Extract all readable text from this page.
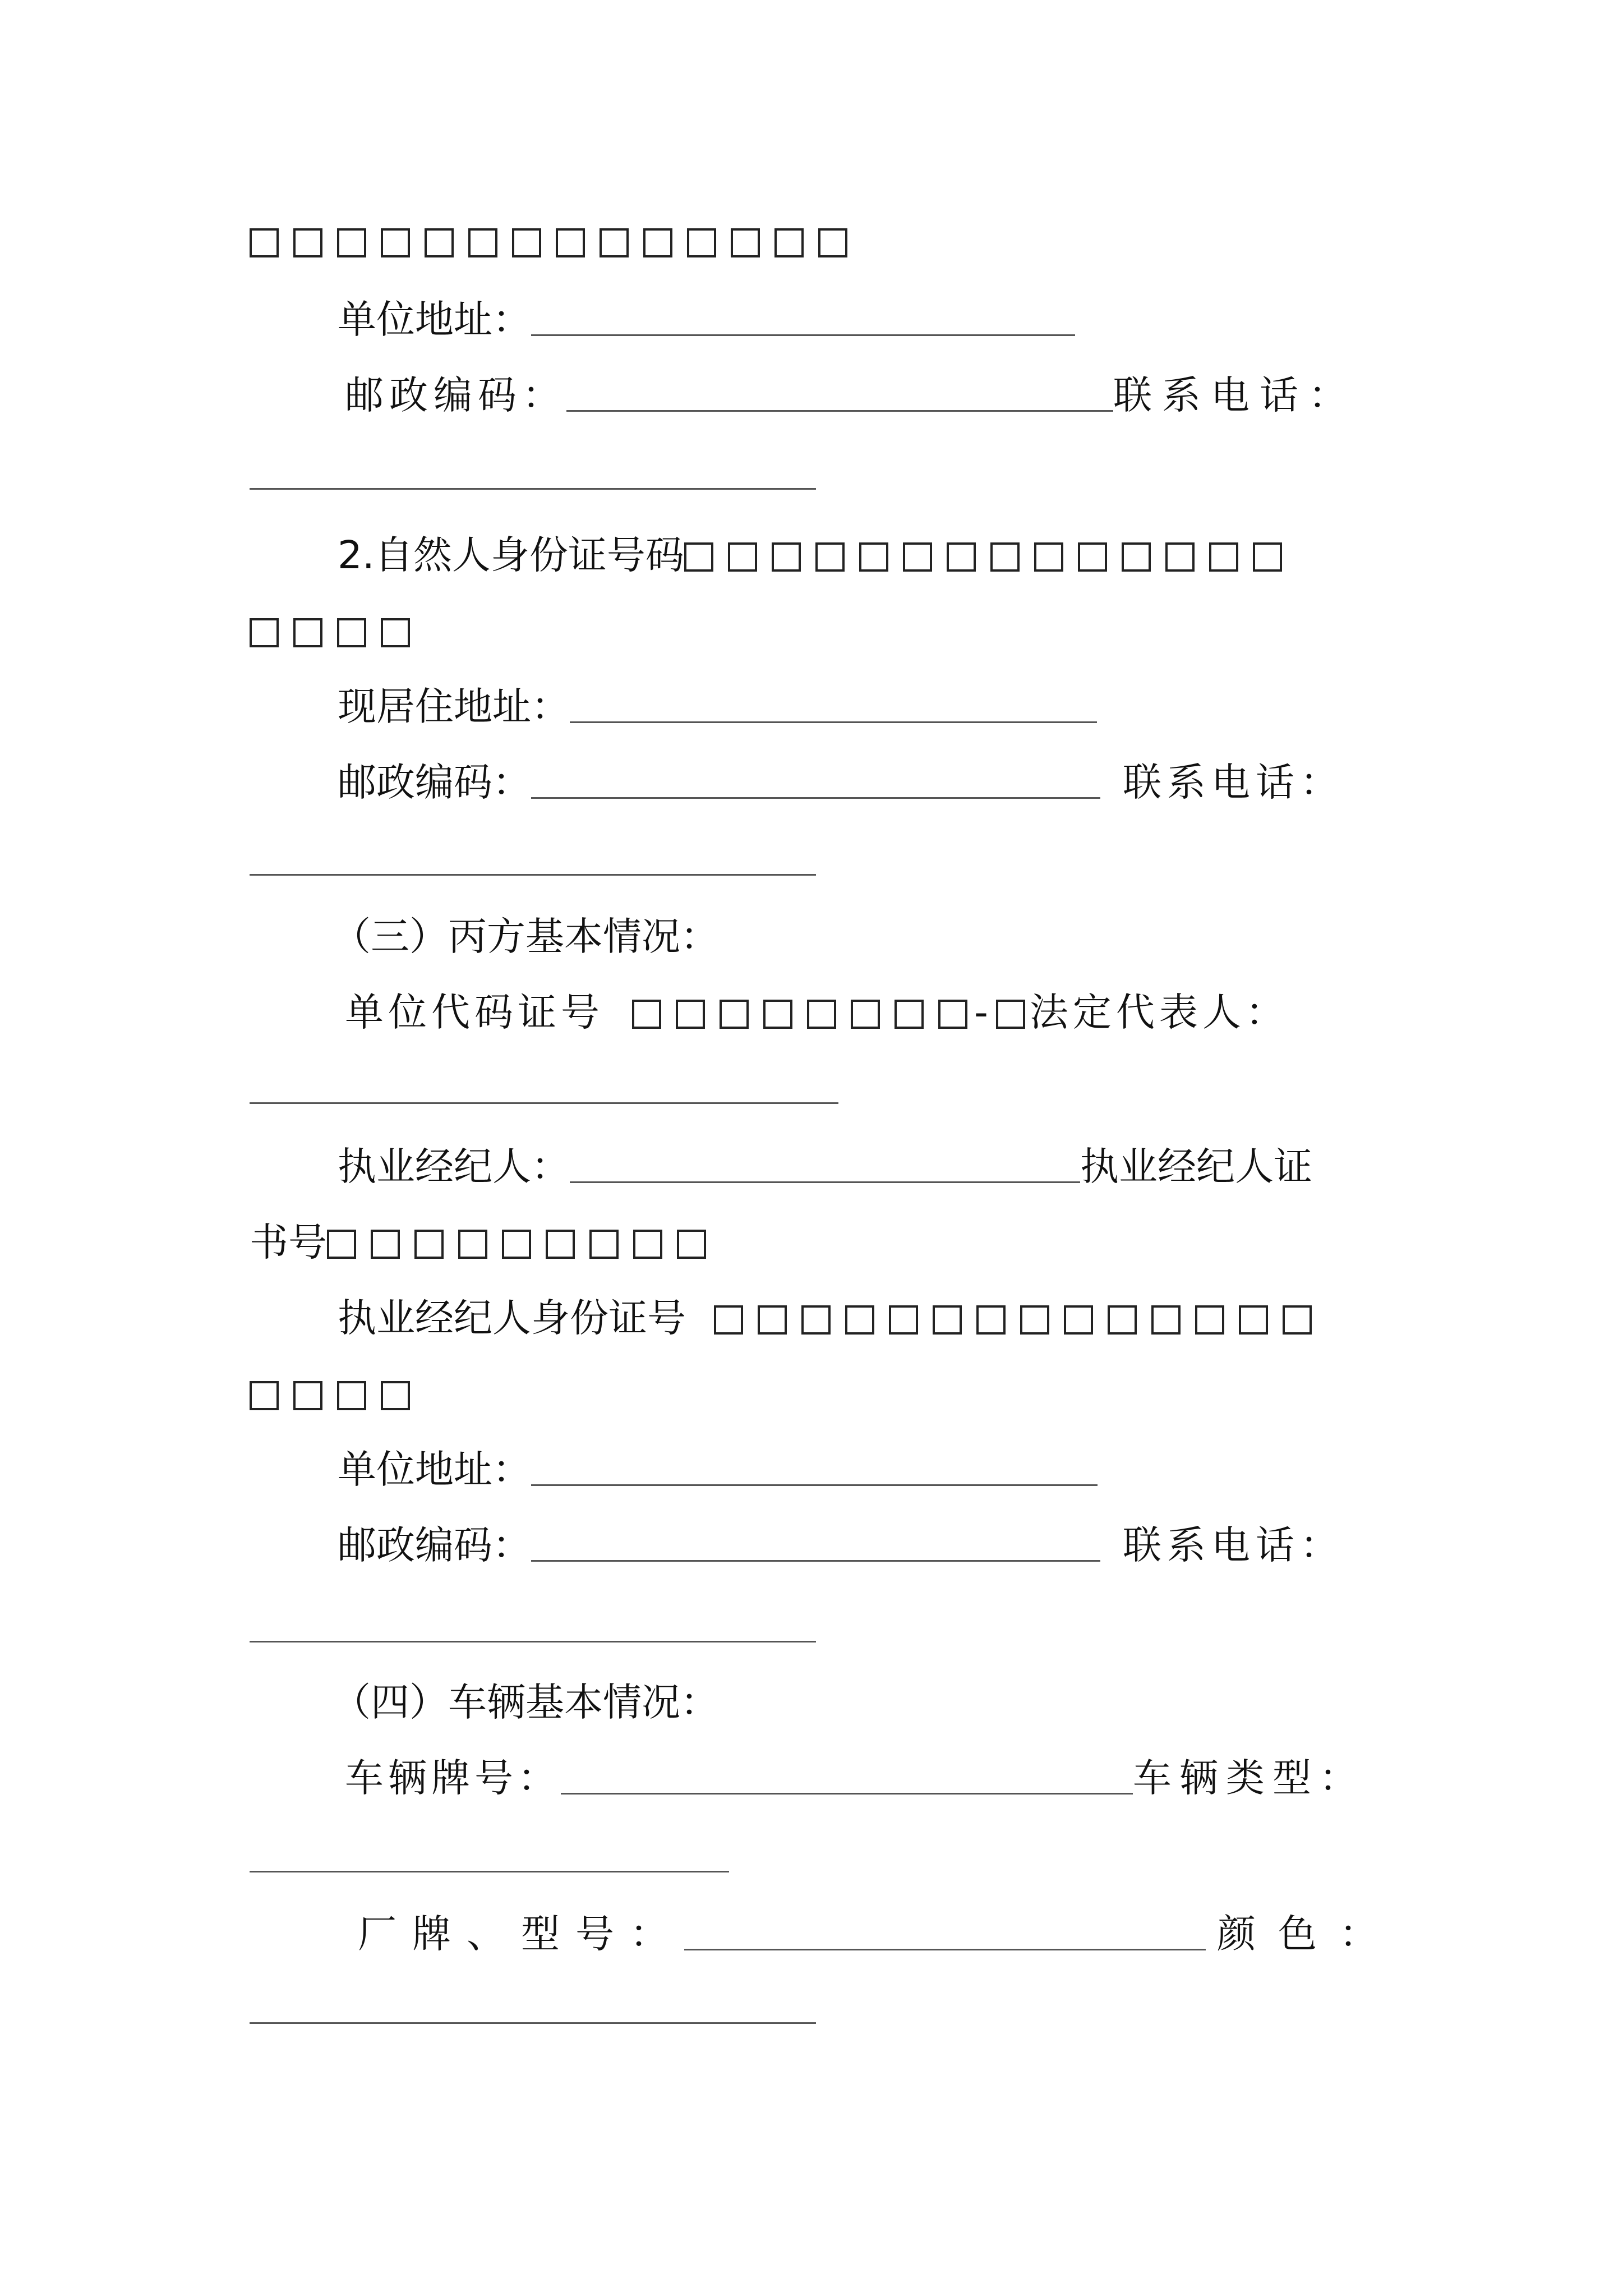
单位地址：
邮政编码：	联系电话：
2.自然人身份证号码
现居住地址：
邮政编码：	联系电话：
（三）丙方基本情况：
单位代码证号	- 法定代表人：
执业经纪人：	执业经纪人证
书号
执业经纪人身份证号
单位地址：
邮政编码：	联系电话：
（四）车辆基本情况：
车辆牌号：	车辆类型：
厂牌、型号：	颜色：
